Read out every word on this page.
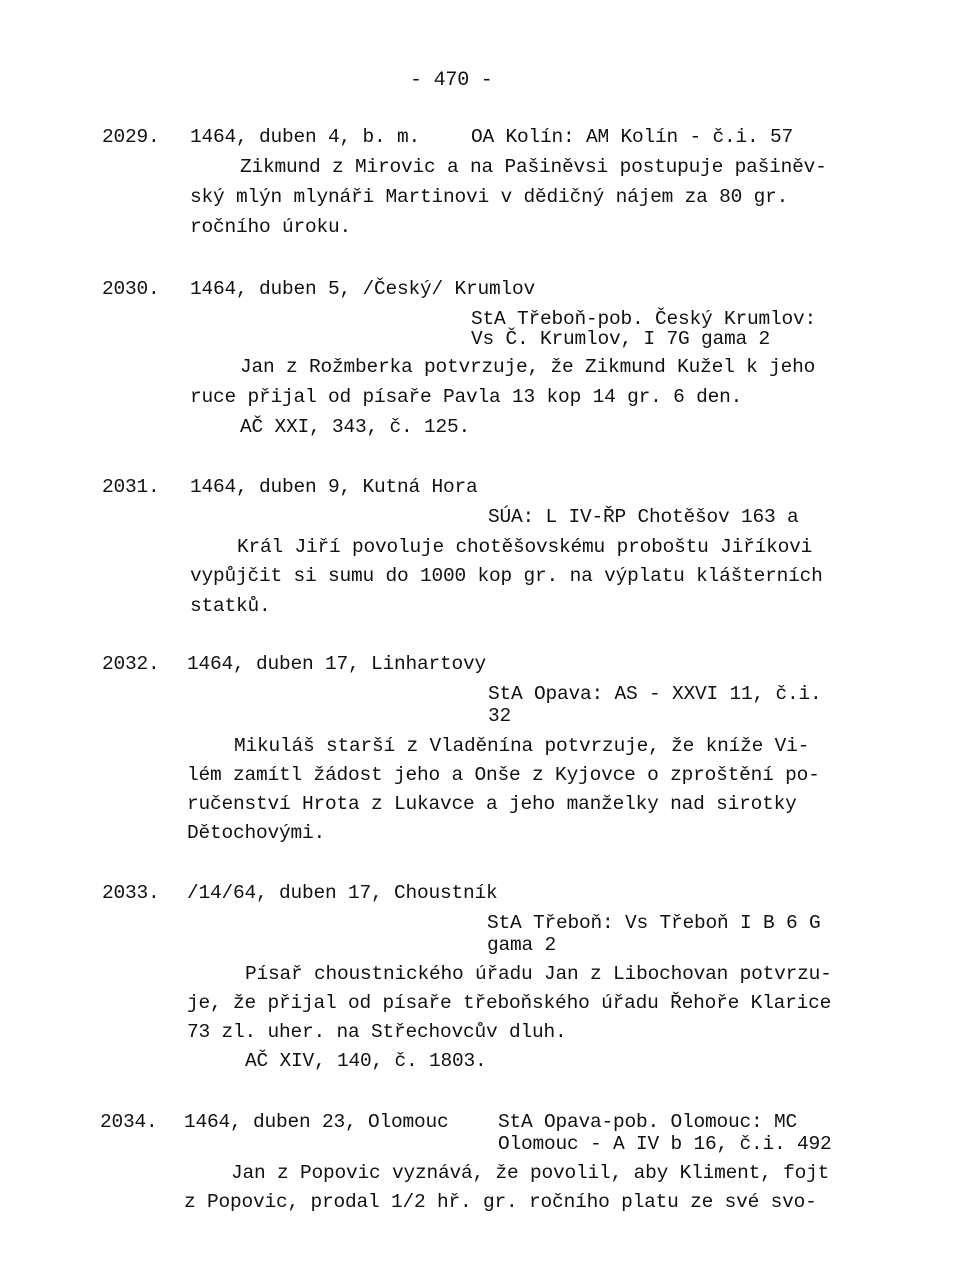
- 470 -
2029. 1464, duben 4, b. m.	OA Kolín: AM Kolín - č.i. 57
Zikmund z Mirovic a na Pašiněvsi postupuje pašiněv-
ský mlýn mlynáři Martinovi v dědičný nájem za 80 gr.
ročního úroku.
2030. 1464, duben 5, /Český/ Krumlov
StA Třeboň-pob. Český Krumlov:
Vs Č. Krumlov, I 7G gama 2
Jan z Rožmberka potvrzuje, že Zikmund Kužel k jeho
ruce přijal od písaře Pavla 13 kop 14 gr. 6 den.
AČ XXI, 343, č. 125.
2031. 1464, duben 9, Kutná Hora
SÚA: L IV-ŘP Chotěšov 163 a
Král Jiří povoluje chotěšovskému proboštu Jiříkovi
vypůjčit si sumu do 1000 kop gr. na výplatu klášterních
statků.
2032. 1464, duben 17, Linhartovy
StA Opava: AS - XXVI 11, č.i.
32
Mikuláš starší z Vladěnína potvrzuje, že kníže Vi-
lém zamítl žádost jeho a Onše z Kyjovce o zproštění po-
ručenství Hrota z Lukavce a jeho manželky nad sirotky
Dětochovými.
2033. /14/64, duben 17, Choustník
StA Třeboň: Vs Třeboň I B 6 G
gama 2
Písař choustnického úřadu Jan z Libochovan potvrzu-
je, že přijal od písaře třeboňského úřadu Řehoře Klarice
73 zl. uher. na Střechovcův dluh.
AČ XIV, 140, č. 1803.
2034. 1464, duben 23, Olomouc	StA Opava-pob. Olomouc: MC
Olomouc - A IV b 16, č.i. 492
Jan z Popovic vyznává, že povolil, aby Kliment, fojt
z Popovic, prodal 1/2 hř. gr. ročního platu ze své svo-
